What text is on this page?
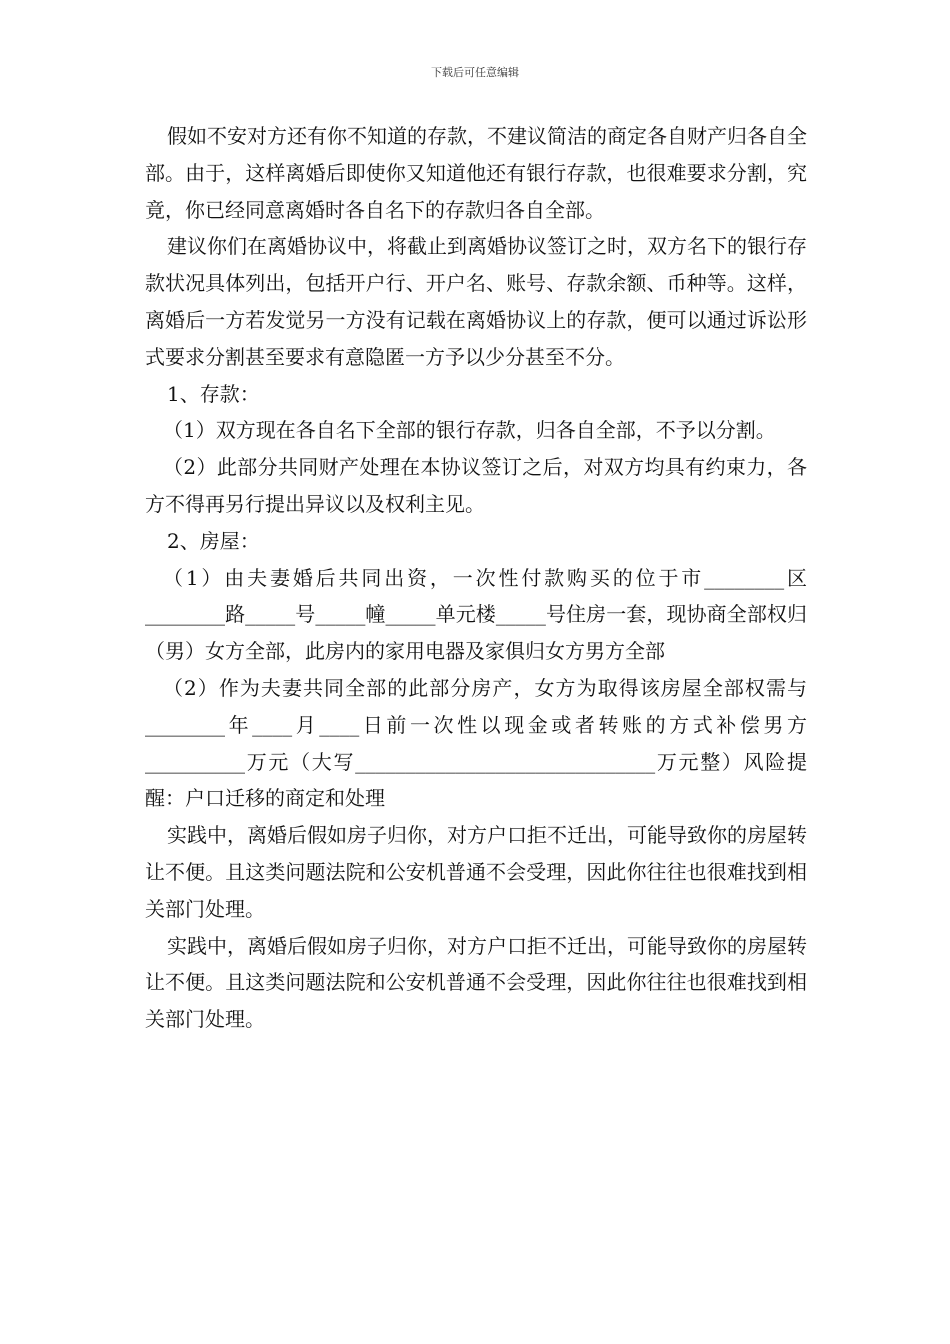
下载后可任意编辑

假如不安对方还有你不知道的存款，不建议简洁的商定各自财产归各自全部。由于，这样离婚后即使你又知道他还有银行存款，也很难要求分割，究竟，你已经同意离婚时各自名下的存款归各自全部。

建议你们在离婚协议中，将截止到离婚协议签订之时，双方名下的银行存款状况具体列出，包括开户行、开户名、账号、存款余额、币种等。这样，离婚后一方若发觉另一方没有记载在离婚协议上的存款，便可以通过诉讼形式要求分割甚至要求有意隐匿一方予以少分甚至不分。

1、存款：

（1）双方现在各自名下全部的银行存款，归各自全部，不予以分割。

（2）此部分共同财产处理在本协议签订之后，对双方均具有约束力，各方不得再另行提出异议以及权利主见。

2、房屋：

（1）由夫妻婚后共同出资，一次性付款购买的位于市________区________路_____号_____幢_____单元楼_____号住房一套，现协商全部权归（男）女方全部，此房内的家用电器及家俱归女方男方全部

（2）作为夫妻共同全部的此部分房产，女方为取得该房屋全部权需与________年____月____日前一次性以现金或者转账的方式补偿男方__________万元（大写______________________________万元整）风险提醒：户口迁移的商定和处理

实践中，离婚后假如房子归你，对方户口拒不迁出，可能导致你的房屋转让不便。且这类问题法院和公安机普通不会受理，因此你往往也很难找到相关部门处理。

实践中，离婚后假如房子归你，对方户口拒不迁出，可能导致你的房屋转让不便。且这类问题法院和公安机普通不会受理，因此你往往也很难找到相关部门处理。
